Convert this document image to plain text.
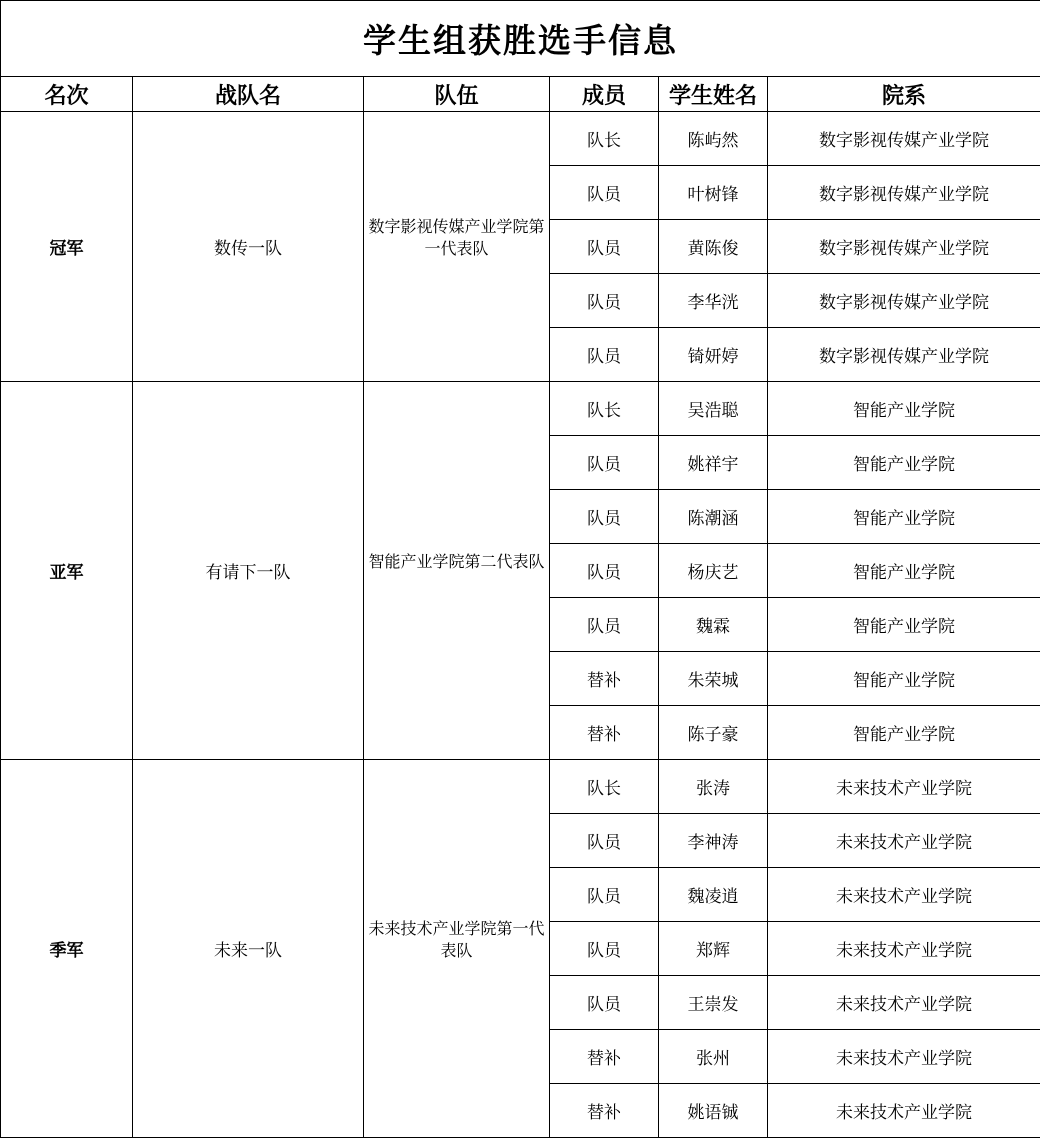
学生组获胜选手信息					
名次	战队名	队伍	成员	学生姓名	院系
冠军	数传一队	数字影视传媒产业学院第一代表队	队长	陈屿然	数字影视传媒产业学院
			队员	叶树锋	数字影视传媒产业学院
			队员	黄陈俊	数字影视传媒产业学院
			队员	李华洸	数字影视传媒产业学院
			队员	锜妍婷	数字影视传媒产业学院
亚军	有请下一队	智能产业学院第二代表队	队长	吴浩聪	智能产业学院
			队员	姚祥宇	智能产业学院
			队员	陈潮涵	智能产业学院
			队员	杨庆艺	智能产业学院
			队员	魏霖	智能产业学院
			替补	朱荣城	智能产业学院
			替补	陈子豪	智能产业学院
季军	未来一队	未来技术产业学院第一代表队	队长	张涛	未来技术产业学院
			队员	李神涛	未来技术产业学院
			队员	魏凌逍	未来技术产业学院
			队员	郑辉	未来技术产业学院
			队员	王崇发	未来技术产业学院
			替补	张州	未来技术产业学院
			替补	姚语铖	未来技术产业学院
